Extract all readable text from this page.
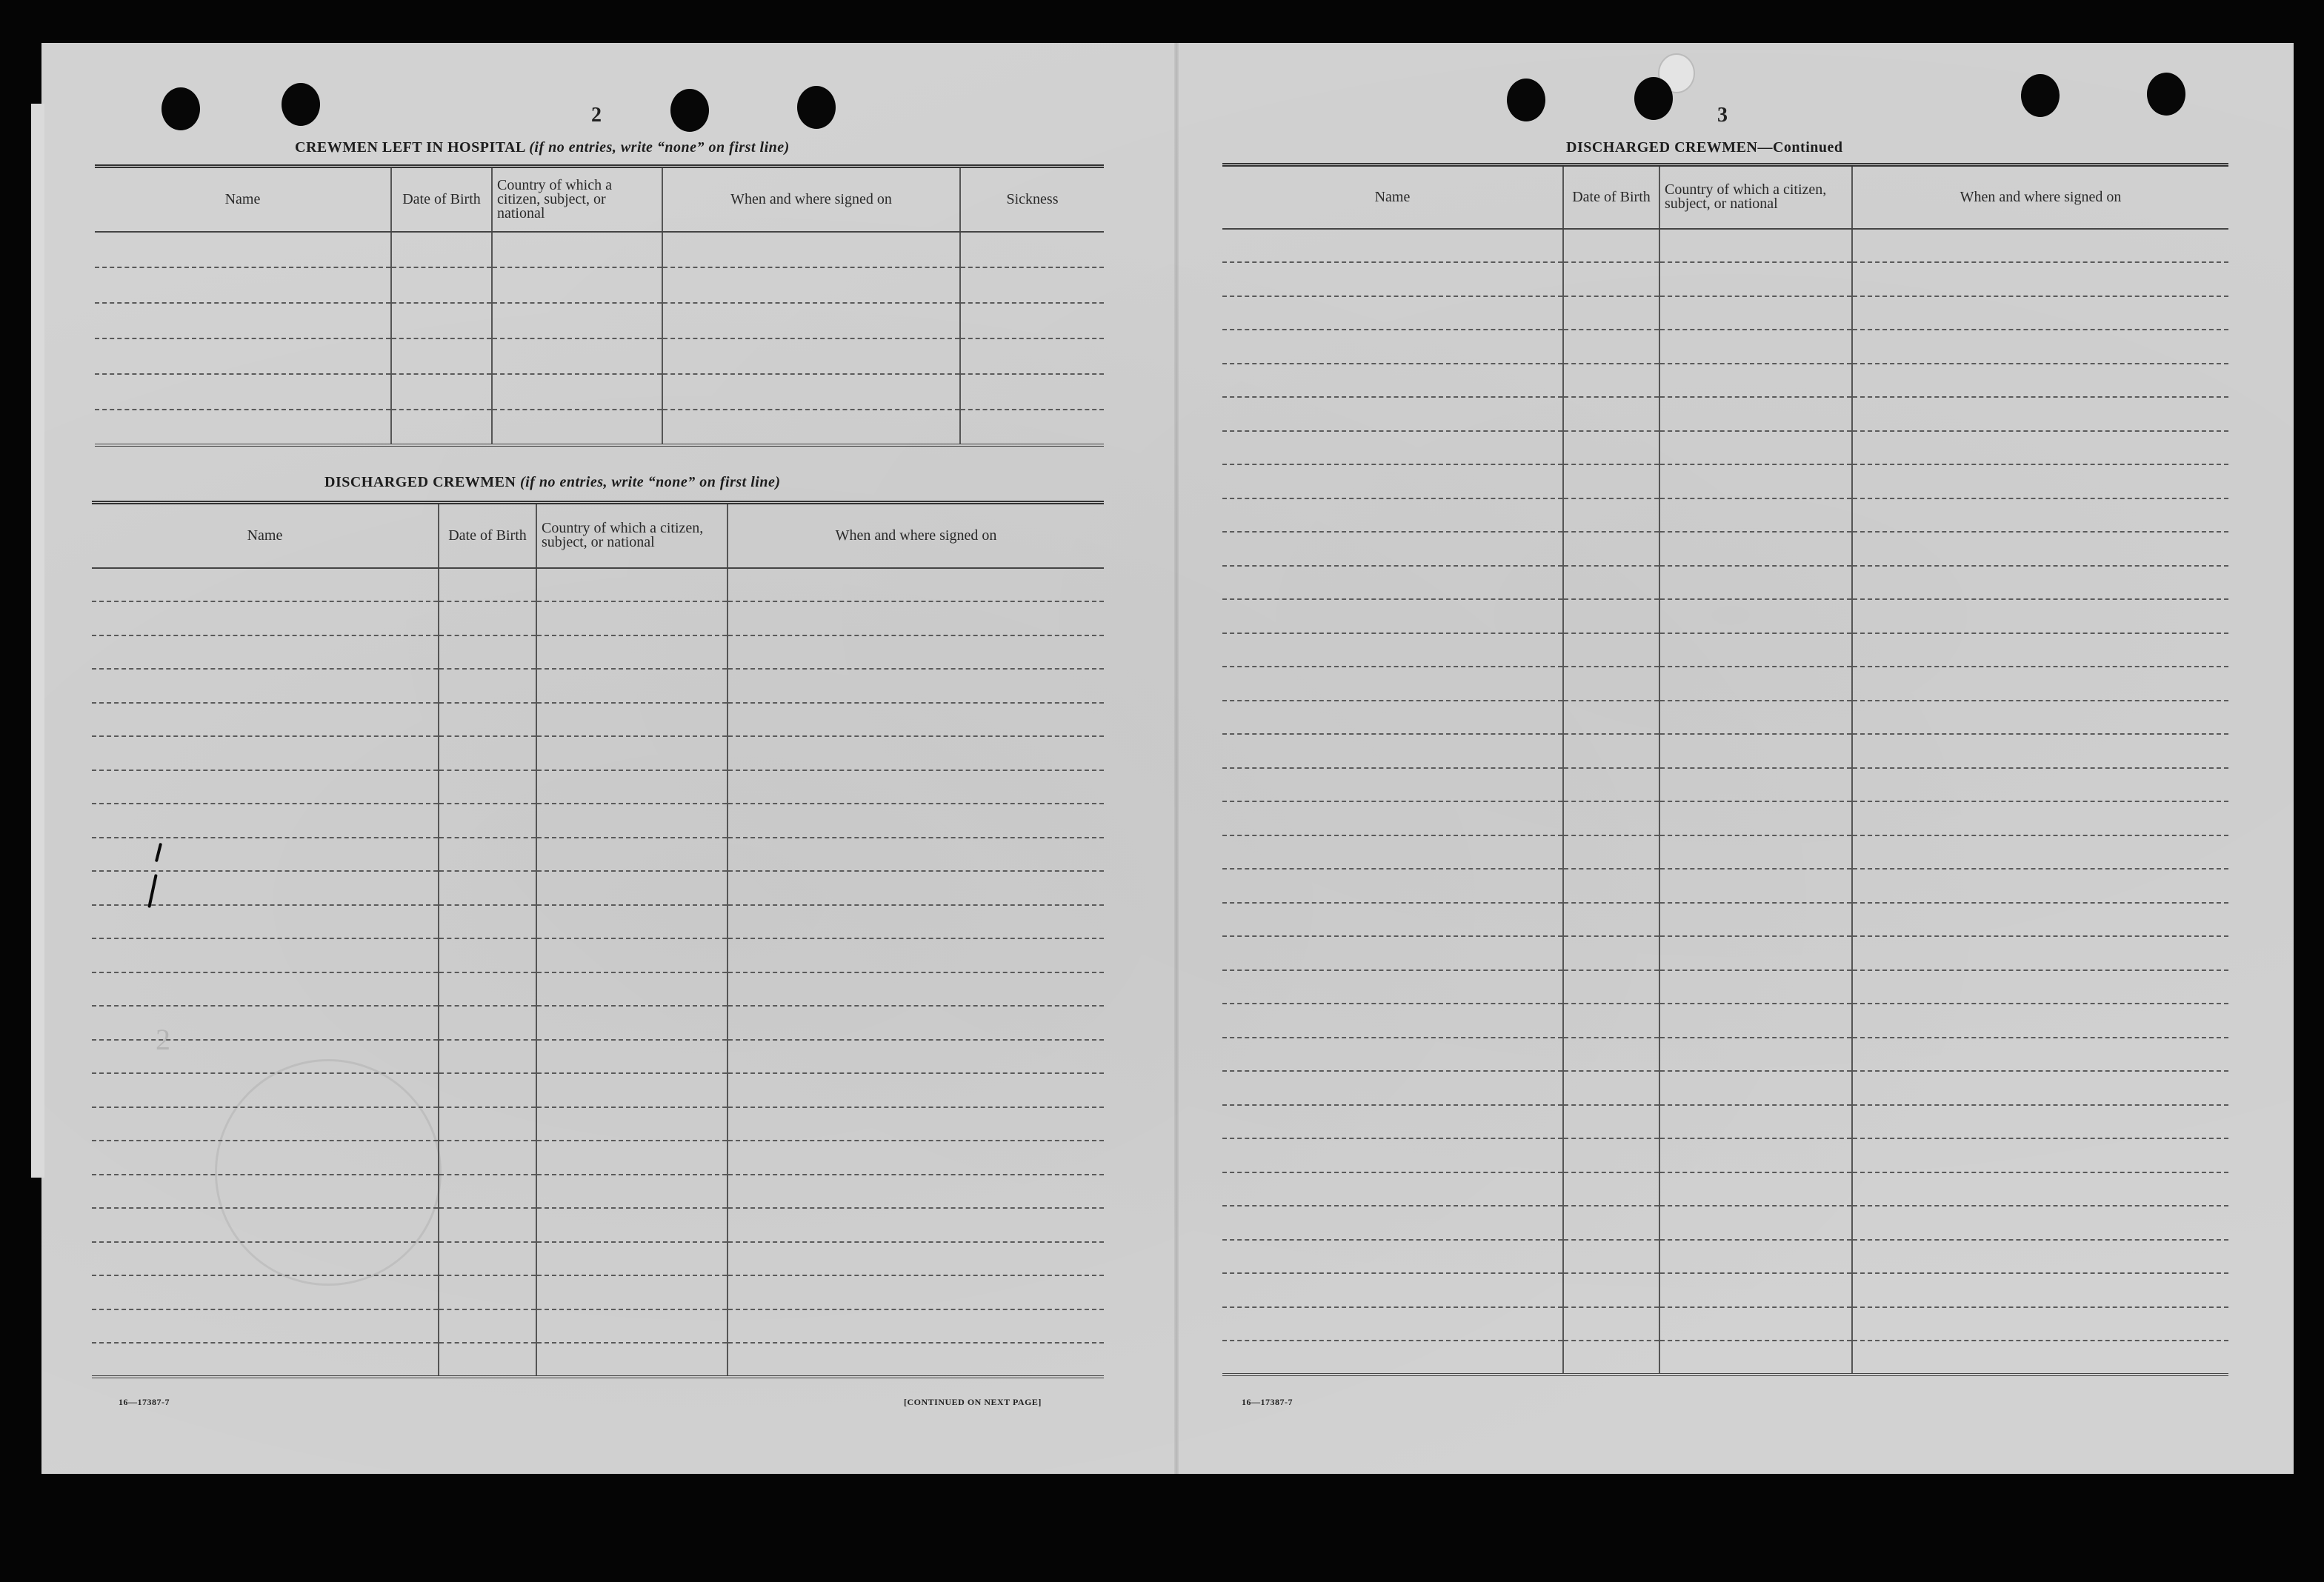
2
2
CREWMEN LEFT IN HOSPITAL (if no entries, write “none” on first line)
Name	Date of Birth	Country of which a citizen, subject, or national	When and where signed on	Sickness

DISCHARGED CREWMEN (if no entries, write “none” on first line)
Name	Date of Birth	Country of which a citizen, subject, or national	When and where signed on

16—17387-7	[CONTINUED ON NEXT PAGE]
3
DISCHARGED CREWMEN—Continued
Name	Date of Birth	Country of which a citizen, subject, or national	When and where signed on

16—17387-7
